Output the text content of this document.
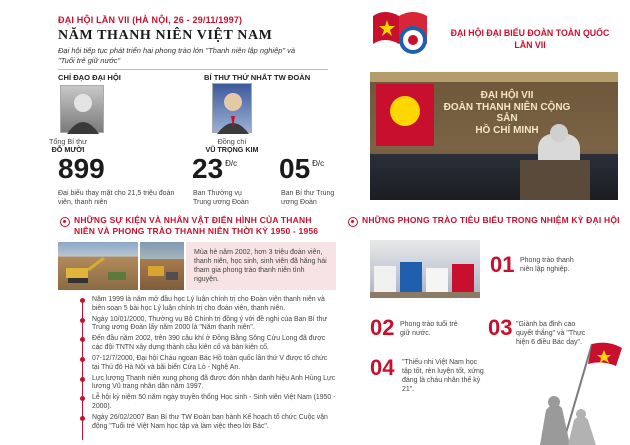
ĐẠI HỘI LẦN VII (HÀ NỘI, 26 - 29/11/1997)
NĂM THANH NIÊN VIỆT NAM
Đại hội tiếp tục phát triển hai phong trào lớn "Thanh niên lập nghiệp" và "Tuổi trẻ giữ nước"
CHỈ ĐẠO ĐẠI HỘI	BÍ THƯ THỨ NHẤT TW ĐOÀN
Tổng Bí thư
ĐỖ MƯỜI
Đồng chí
VŨ TRỌNG KIM
899
Đại biểu thay mặt cho 21,5 triệu đoàn viên, thanh niên
23 $^{Đ/c}$
Ban Thường vụ Trung ương Đoàn
05 $^{Đ/c}$
Ban Bí thư Trung ương Đoàn
NHỮNG SỰ KIỆN VÀ NHÂN VẬT ĐIỂN HÌNH CỦA THANH NIÊN VÀ PHONG TRÀO THANH NIÊN THỜI KỲ 1950 - 1956
Mùa hè năm 2002, hơn 3 triệu đoàn viên, thanh niên, học sinh, sinh viên đã hăng hái tham gia phong trào thanh niên tình nguyện.
Năm 1999 là năm mở đầu học Lý luận chính trị cho Đoàn viên thanh niên và biên soạn 5 bài học Lý luận chính trị cho đoàn viên, thanh niên.
Ngày 10/01/2000, Thường vụ Bộ Chính trị đồng ý với đề nghị của Ban Bí thư Trung ương Đoàn lấy năm 2000 là "Năm thanh niên".
Đến đầu năm 2002, trên 390 câu khí ở Đồng Bằng Sông Cửu Long đã được các đội TNTN xây dựng thành cầu kiên cố và bàn kiên cố.
07-12/7/2000, Đại hội Cháu ngoan Bác Hồ toàn quốc lần thứ V được tổ chức tại Thủ đô Hà Nội và bãi biển Cửa Lò - Nghệ An.
Lực lượng Thanh niên xung phong đã được đón nhận danh hiệu Anh Hùng Lực lượng Vũ trang nhân dân năm 1997.
Lễ hội kỷ niệm 50 năm ngày truyền thống Học sinh - Sinh viên Việt Nam (1950 - 2000).
Ngày 26/02/2007 Ban Bí thư TW Đoàn ban hành Kế hoạch tổ chức Cuộc vận động "Tuổi trẻ Việt Nam học tập và làm việc theo lời Bác".
ĐẠI HỘI ĐẠI BIỂU ĐOÀN TOÀN QUỐC LẦN VII
ĐẠI HỘI VII
ĐOÀN THANH NIÊN CỘNG SẢN
HỒ CHÍ MINH
NHỮNG PHONG TRÀO TIÊU BIỂU TRONG NHIỆM KỲ ĐẠI HỘI
01 Phong trào thanh niên lập nghiệp.
02 Phong trào tuổi trẻ giữ nước.	03 "Giành ba đỉnh cao quyết thắng" và "Thực hiện 6 điều Bác dạy".
04 "Thiếu nhi Việt Nam học tập tốt, rèn luyện tốt, xứng đáng là cháu nhân thế kỷ 21".
